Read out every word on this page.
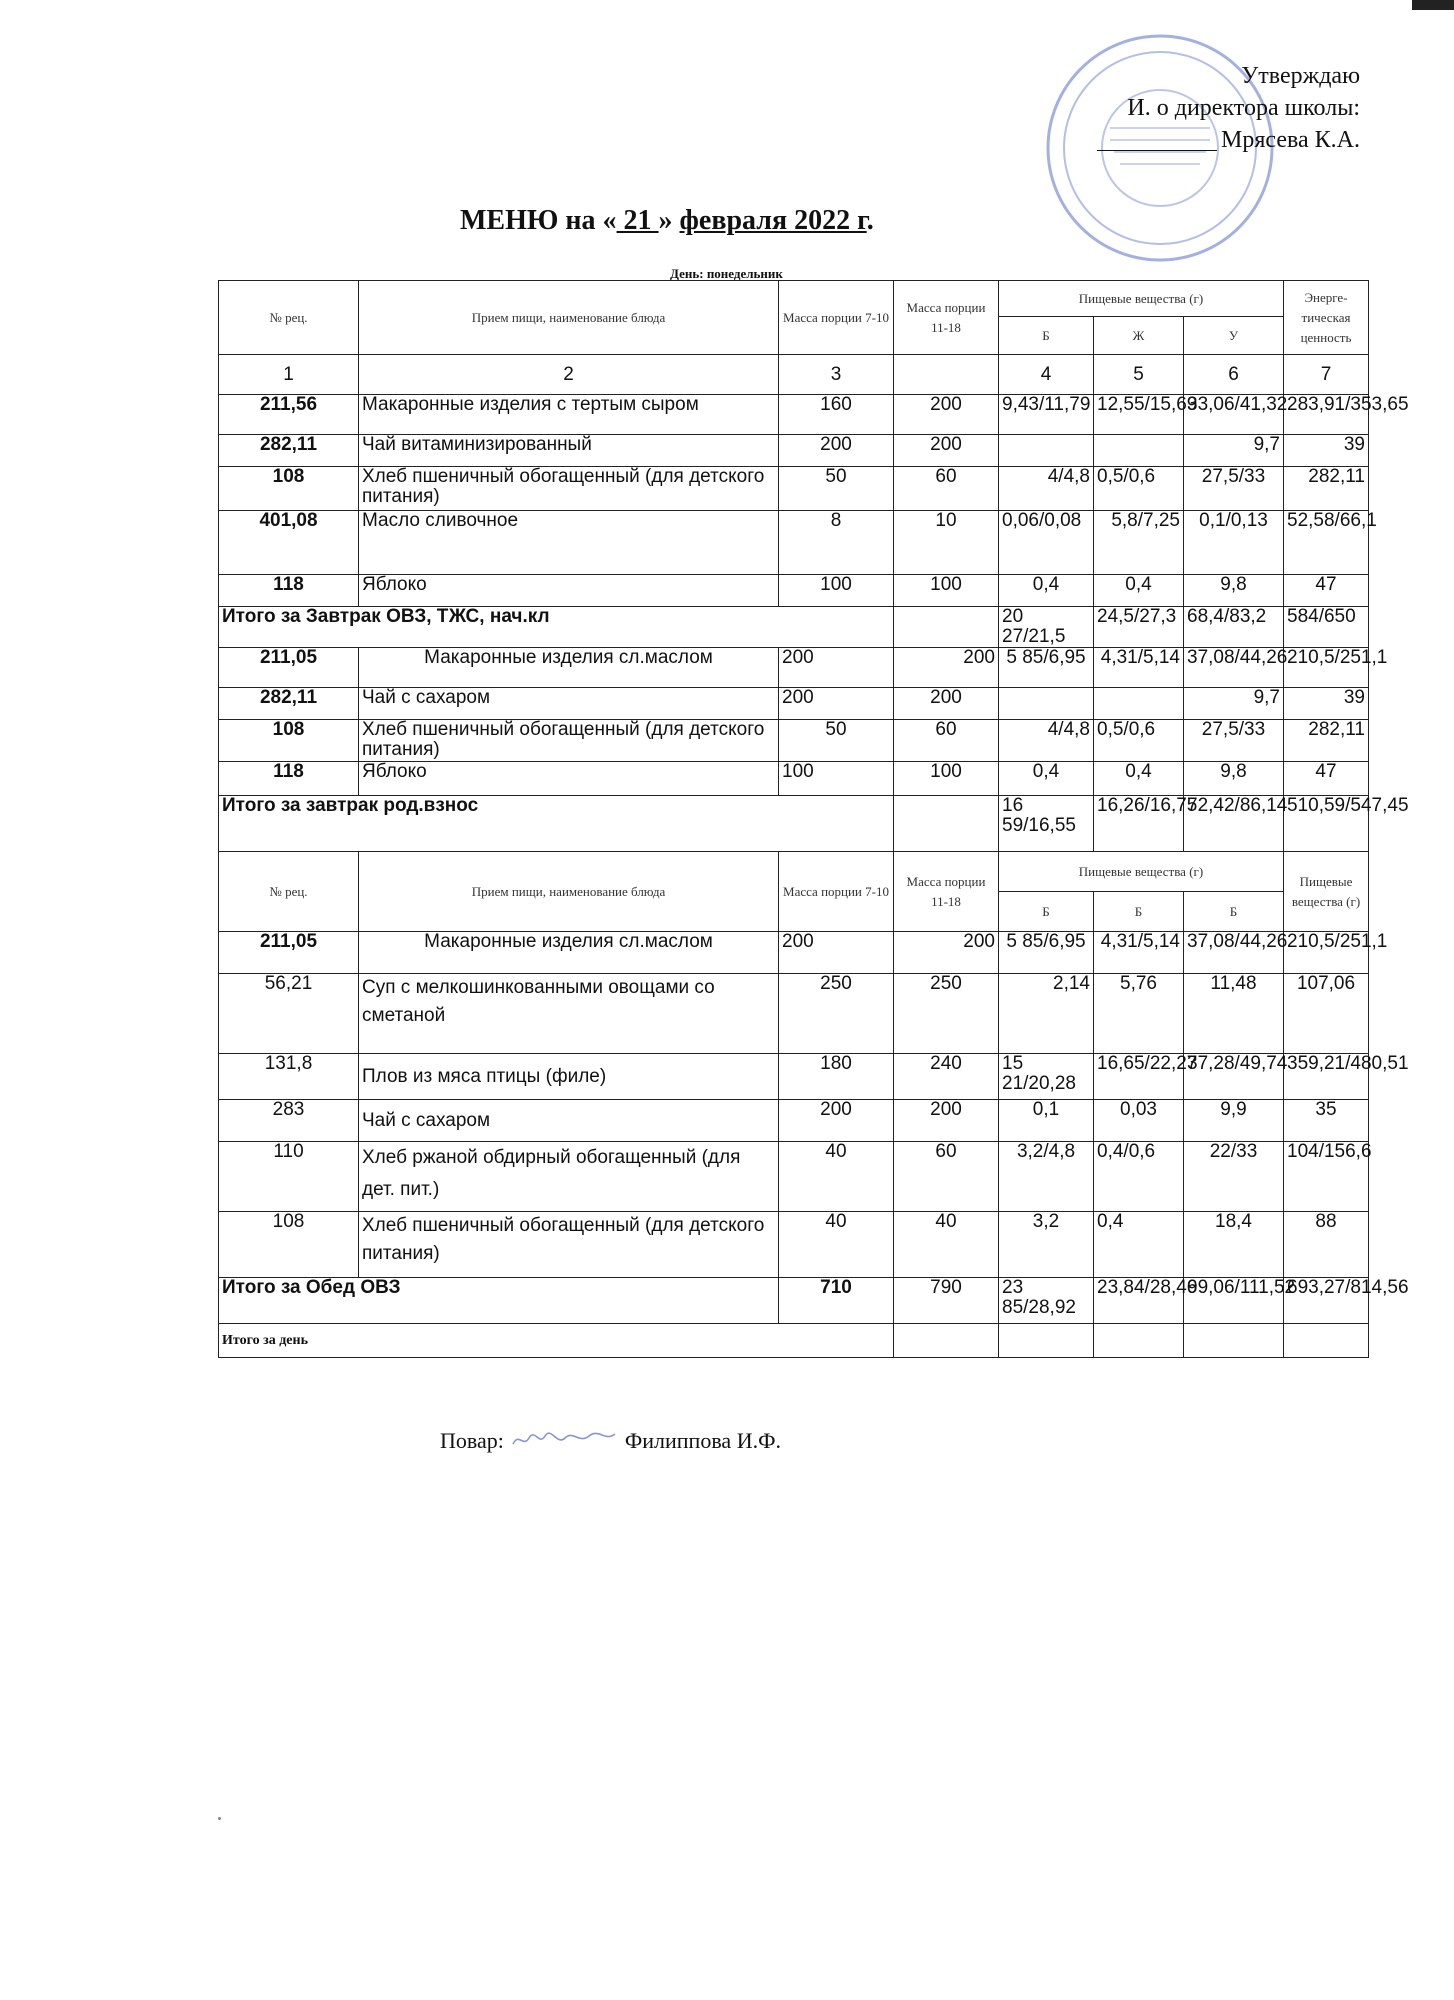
Утверждаю
И. о директора школы:
Мрясева К.А.
МЕНЮ на « 21 » февраля 2022 г.
День: понедельник
№ рец.	Прием пищи, наименование блюда	Масса порции 7-10	Масса порции 11-18	Пищевые вещества (г)			Энерге-тическая ценность
				Б	Ж	У	
1	2	3		4	5	6	7
211,56	Макаронные изделия с тертым сыром	160	200	9,43/11,79	12,55/15,69	33,06/41,32	283,91/353,65
282,11	Чай витаминизированный	200	200			9,7	39
108	Хлеб пшеничный обогащенный (для детского питания)	50	60	4/4,8	0,5/0,6	27,5/33	282,11
401,08	Масло сливочное	8	10	0,06/0,08	5,8/7,25	0,1/0,13	52,58/66,1
118	Яблоко	100	100	0,4	0,4	9,8	47
Итого за Завтрак ОВЗ, ТЖС, нач.кл				20 27/21,5	24,5/27,3	68,4/83,2	584/650
211,05	Макаронные изделия сл.маслом	200	200	5 85/6,95	4,31/5,14	37,08/44,26	210,5/251,1
282,11	Чай с сахаром	200	200			9,7	39
108	Хлеб пшеничный обогащенный (для детского питания)	50	60	4/4,8	0,5/0,6	27,5/33	282,11
118	Яблоко	100	100	0,4	0,4	9,8	47
Итого за завтрак род.взнос				16 59/16,55	16,26/16,75	72,42/86,14	510,59/547,45
№ рец.	Прием пищи, наименование блюда	Масса порции 7-10	Масса порции 11-18	Пищевые вещества (г)			Пищевые вещества (г)
				Б	Б	Б	
211,05	Макаронные изделия сл.маслом	200	200	5 85/6,95	4,31/5,14	37,08/44,26	210,5/251,1
56,21	Суп с мелкошинкованными овощами со сметаной	250	250	2,14	5,76	11,48	107,06
131,8	Плов из мяса птицы (филе)	180	240	15 21/20,28	16,65/22,27	37,28/49,74	359,21/480,51
283	Чай с сахаром	200	200	0,1	0,03	9,9	35
110	Хлеб ржаной обдирный обогащенный (для дет. пит.)	40	60	3,2/4,8	0,4/0,6	22/33	104/156,6
108	Хлеб пшеничный обогащенный (для детского питания)	40	40	3,2	0,4	18,4	88
Итого за Обед ОВЗ		710	790	23 85/28,92	23,84/28,46	99,06/111,52	693,27/814,56
Итого за день							
Повар:	Филиппова И.Ф.
